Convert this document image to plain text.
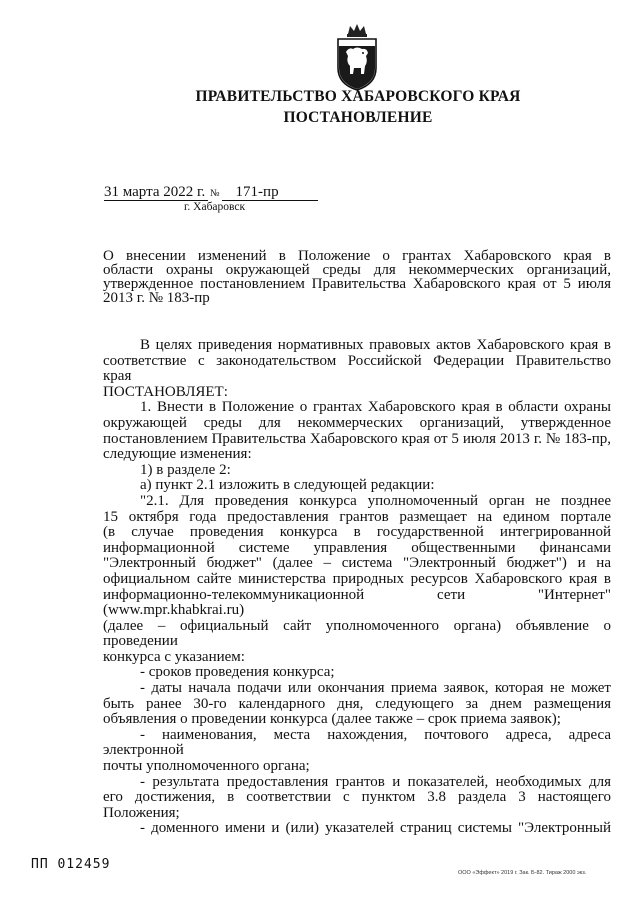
ПРАВИТЕЛЬСТВО ХАБАРОВСКОГО КРАЯ
ПОСТАНОВЛЕНИЕ
31 марта 2022 г. № 171-пр
г. Хабаровск
О внесении изменений в Положение о грантах Хабаровского края в
области охраны окружающей среды для некоммерческих организаций,
утвержденное постановлением Правительства Хабаровского края от 5 июля
2013 г. № 183-пр

В целях приведения нормативных правовых актов Хабаровского края в
соответствие с законодательством Российской Федерации Правительство
края

ПОСТАНОВЛЯЕТ:

1. Внести в Положение о грантах Хабаровского края в области охраны
окружающей среды для некоммерческих организаций, утвержденное
постановлением Правительства Хабаровского края от 5 июля 2013 г. № 183-пр,
следующие изменения:

1) в разделе 2:

а) пункт 2.1 изложить в следующей редакции:

"2.1. Для проведения конкурса уполномоченный орган не позднее
15 октября года предоставления грантов размещает на едином портале
(в случае проведения конкурса в государственной интегрированной
информационной системе управления общественными финансами
"Электронный бюджет" (далее – система "Электронный бюджет") и на
официальном сайте министерства природных ресурсов Хабаровского края в
информационно-телекоммуникационной сети "Интернет" (www.mpr.khabkrai.ru)
(далее – официальный сайт уполномоченного органа) объявление о проведении
конкурса с указанием:

- сроков проведения конкурса;

- даты начала подачи или окончания приема заявок, которая не может
быть ранее 30-го календарного дня, следующего за днем размещения
объявления о проведении конкурса (далее также – срок приема заявок);

- наименования, места нахождения, почтового адреса, адреса электронной
почты уполномоченного органа;

- результата предоставления грантов и показателей, необходимых для
его достижения, в соответствии с пунктом 3.8 раздела 3 настоящего
Положения;

- доменного имени и (или) указателей страниц системы "Электронный

ПП 012459
ООО «Эффект» 2019 г. Зак. Б-82. Тираж 2000 экз.
